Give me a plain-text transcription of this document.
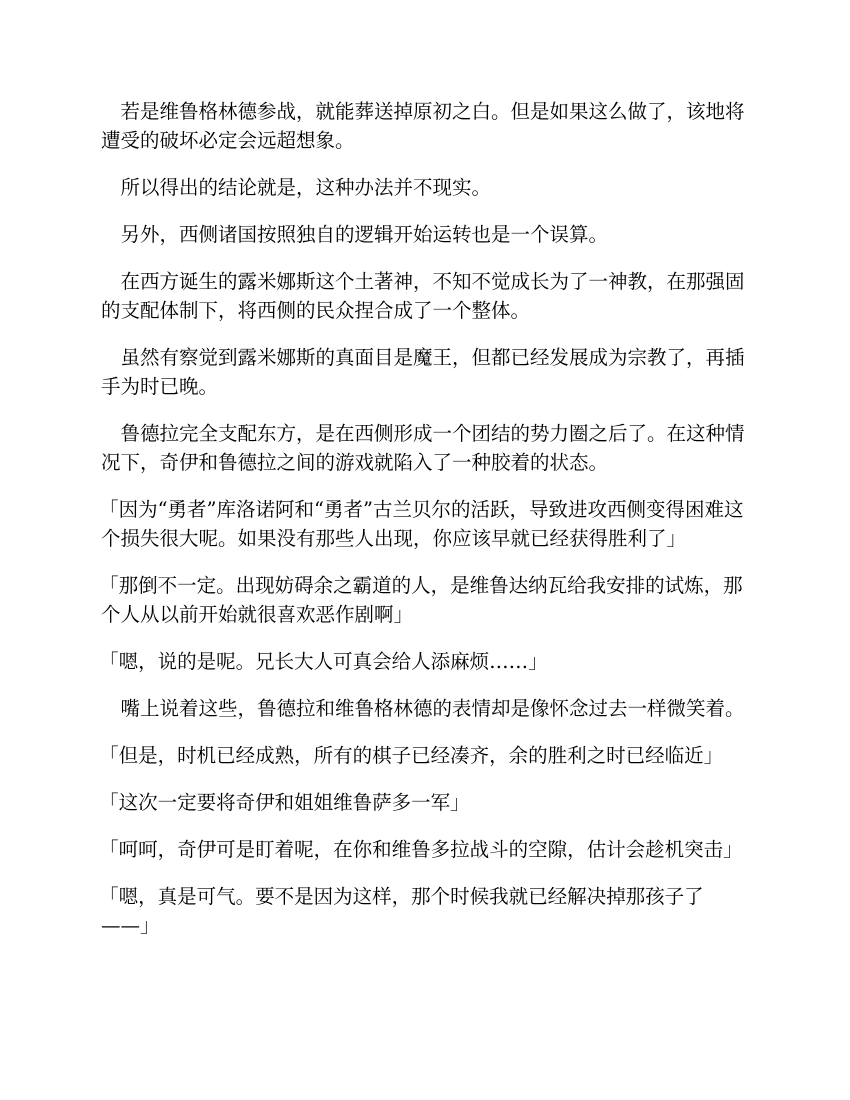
若是维鲁格林德参战，就能葬送掉原初之白。但是如果这么做了，该地将遭受的破坏必定会远超想象。

所以得出的结论就是，这种办法并不现实。

另外，西侧诸国按照独自的逻辑开始运转也是一个误算。

在西方诞生的露米娜斯这个土著神，不知不觉成长为了一神教，在那强固的支配体制下，将西侧的民众捏合成了一个整体。

虽然有察觉到露米娜斯的真面目是魔王，但都已经发展成为宗教了，再插手为时已晚。

鲁德拉完全支配东方，是在西侧形成一个团结的势力圈之后了。在这种情况下，奇伊和鲁德拉之间的游戏就陷入了一种胶着的状态。

「因为“勇者”库洛诺阿和“勇者”古兰贝尔的活跃，导致进攻西侧变得困难这个损失很大呢。如果没有那些人出现，你应该早就已经获得胜利了」

「那倒不一定。出现妨碍余之霸道的人，是维鲁达纳瓦给我安排的试炼，那个人从以前开始就很喜欢恶作剧啊」

「嗯，说的是呢。兄长大人可真会给人添麻烦……」

嘴上说着这些，鲁德拉和维鲁格林德的表情却是像怀念过去一样微笑着。

「但是，时机已经成熟，所有的棋子已经凑齐，余的胜利之时已经临近」

「这次一定要将奇伊和姐姐维鲁萨多一军」

「呵呵，奇伊可是盯着呢，在你和维鲁多拉战斗的空隙，估计会趁机突击」

「嗯，真是可气。要不是因为这样，那个时候我就已经解决掉那孩子了——」
